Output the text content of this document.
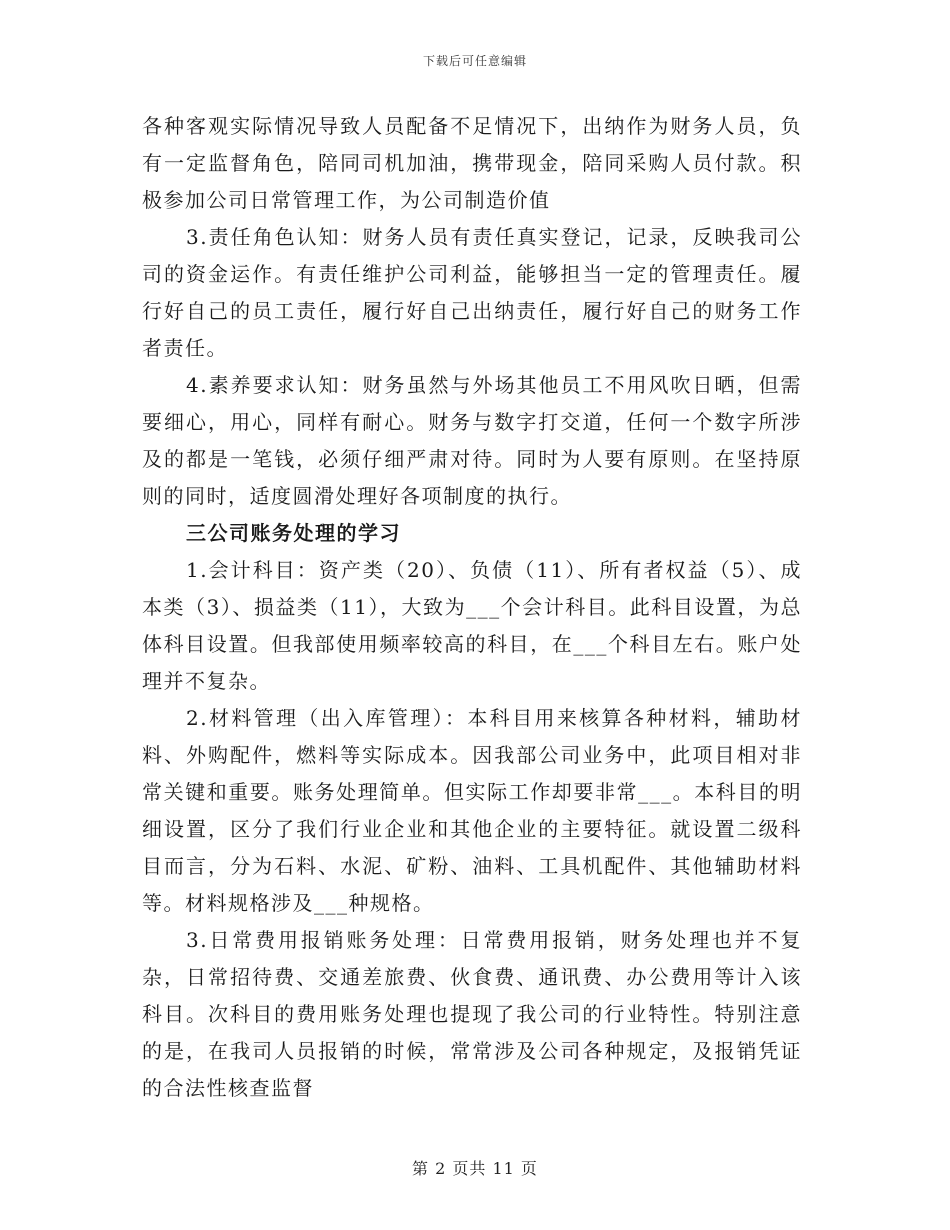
下载后可任意编辑

各种客观实际情况导致人员配备不足情况下，出纳作为财务人员，负有一定监督角色，陪同司机加油，携带现金，陪同采购人员付款。积极参加公司日常管理工作，为公司制造价值

3.责任角色认知：财务人员有责任真实登记，记录，反映我司公司的资金运作。有责任维护公司利益，能够担当一定的管理责任。履行好自己的员工责任，履行好自己出纳责任，履行好自己的财务工作者责任。

4.素养要求认知：财务虽然与外场其他员工不用风吹日晒，但需要细心，用心，同样有耐心。财务与数字打交道，任何一个数字所涉及的都是一笔钱，必须仔细严肃对待。同时为人要有原则。在坚持原则的同时，适度圆滑处理好各项制度的执行。

三公司账务处理的学习

1.会计科目：资产类（20）、负债（11）、所有者权益（5）、成本类（3）、损益类（11），大致为___个会计科目。此科目设置，为总体科目设置。但我部使用频率较高的科目，在___个科目左右。账户处理并不复杂。

2.材料管理（出入库管理）：本科目用来核算各种材料，辅助材料、外购配件，燃料等实际成本。因我部公司业务中，此项目相对非常关键和重要。账务处理简单。但实际工作却要非常___。本科目的明细设置，区分了我们行业企业和其他企业的主要特征。就设置二级科目而言，分为石料、水泥、矿粉、油料、工具机配件、其他辅助材料等。材料规格涉及___种规格。

3.日常费用报销账务处理：日常费用报销，财务处理也并不复杂，日常招待费、交通差旅费、伙食费、通讯费、办公费用等计入该科目。次科目的费用账务处理也提现了我公司的行业特性。特别注意的是，在我司人员报销的时候，常常涉及公司各种规定，及报销凭证的合法性核查监督

第 2 页共 11 页
